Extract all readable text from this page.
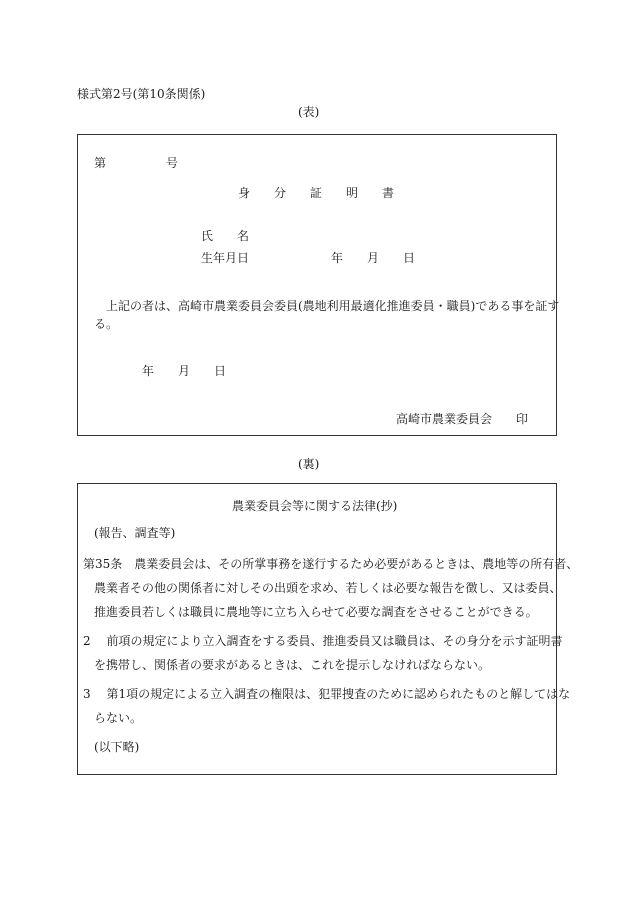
様式第2号(第10条関係)
(表)
第	号
身 分 証 明 書
氏 名
生年月日	年 月 日
上記の者は、高崎市農業委員会委員(農地利用最適化推進委員・職員)である事を証す
る。
年 月 日
高崎市農業委員会 印
(裏)
農業委員会等に関する法律(抄)
(報告、調査等)
第35条　農業委員会は、その所掌事務を遂行するため必要があるときは、農地等の所有者、
農業者その他の関係者に対しその出頭を求め、若しくは必要な報告を徴し、又は委員、
推進委員若しくは職員に農地等に立ち入らせて必要な調査をさせることができる。
2　 前項の規定により立入調査をする委員、推進委員又は職員は、その身分を示す証明書
を携帯し、関係者の要求があるときは、これを提示しなければならない。
3　 第1項の規定による立入調査の権限は、犯罪捜査のために認められたものと解してはな
らない。
(以下略)
